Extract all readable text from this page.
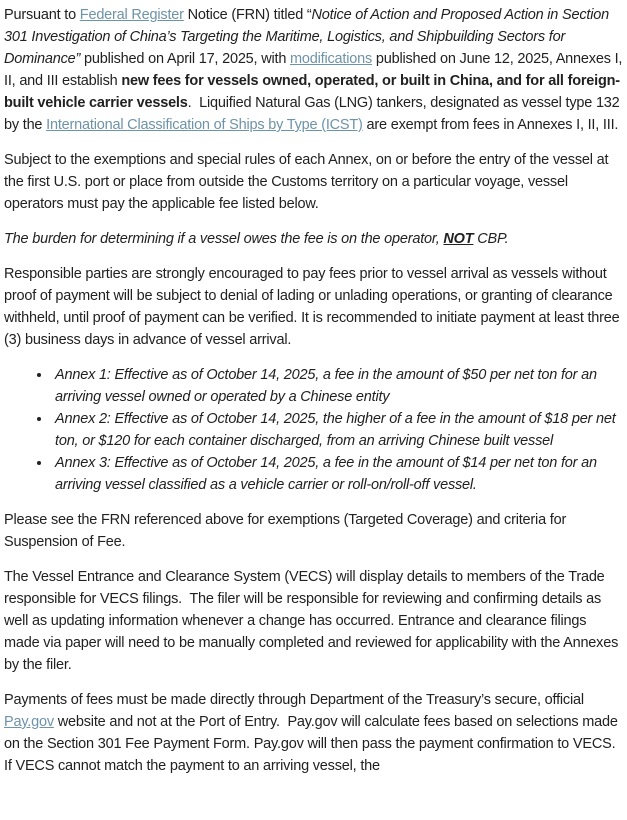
Pursuant to Federal Register Notice (FRN) titled “Notice of Action and Proposed Action in Section 301 Investigation of China’s Targeting the Maritime, Logistics, and Shipbuilding Sectors for Dominance” published on April 17, 2025, with modifications published on June 12, 2025, Annexes I, II, and III establish new fees for vessels owned, operated, or built in China, and for all foreign-built vehicle carrier vessels.  Liquified Natural Gas (LNG) tankers, designated as vessel type 132 by the International Classification of Ships by Type (ICST) are exempt from fees in Annexes I, II, III.

Subject to the exemptions and special rules of each Annex, on or before the entry of the vessel at the first U.S. port or place from outside the Customs territory on a particular voyage, vessel operators must pay the applicable fee listed below.

The burden for determining if a vessel owes the fee is on the operator, NOT CBP.

Responsible parties are strongly encouraged to pay fees prior to vessel arrival as vessels without proof of payment will be subject to denial of lading or unlading operations, or granting of clearance withheld, until proof of payment can be verified. It is recommended to initiate payment at least three (3) business days in advance of vessel arrival.

• Annex 1: Effective as of October 14, 2025, a fee in the amount of $50 per net ton for an arriving vessel owned or operated by a Chinese entity
• Annex 2: Effective as of October 14, 2025, the higher of a fee in the amount of $18 per net ton, or $120 for each container discharged, from an arriving Chinese built vessel
• Annex 3: Effective as of October 14, 2025, a fee in the amount of $14 per net ton for an arriving vessel classified as a vehicle carrier or roll-on/roll-off vessel.

Please see the FRN referenced above for exemptions (Targeted Coverage) and criteria for Suspension of Fee.

The Vessel Entrance and Clearance System (VECS) will display details to members of the Trade responsible for VECS filings.  The filer will be responsible for reviewing and confirming details as well as updating information whenever a change has occurred. Entrance and clearance filings made via paper will need to be manually completed and reviewed for applicability with the Annexes by the filer.

Payments of fees must be made directly through Department of the Treasury’s secure, official Pay.gov website and not at the Port of Entry.  Pay.gov will calculate fees based on selections made on the Section 301 Fee Payment Form. Pay.gov will then pass the payment confirmation to VECS. If VECS cannot match the payment to an arriving vessel, the
